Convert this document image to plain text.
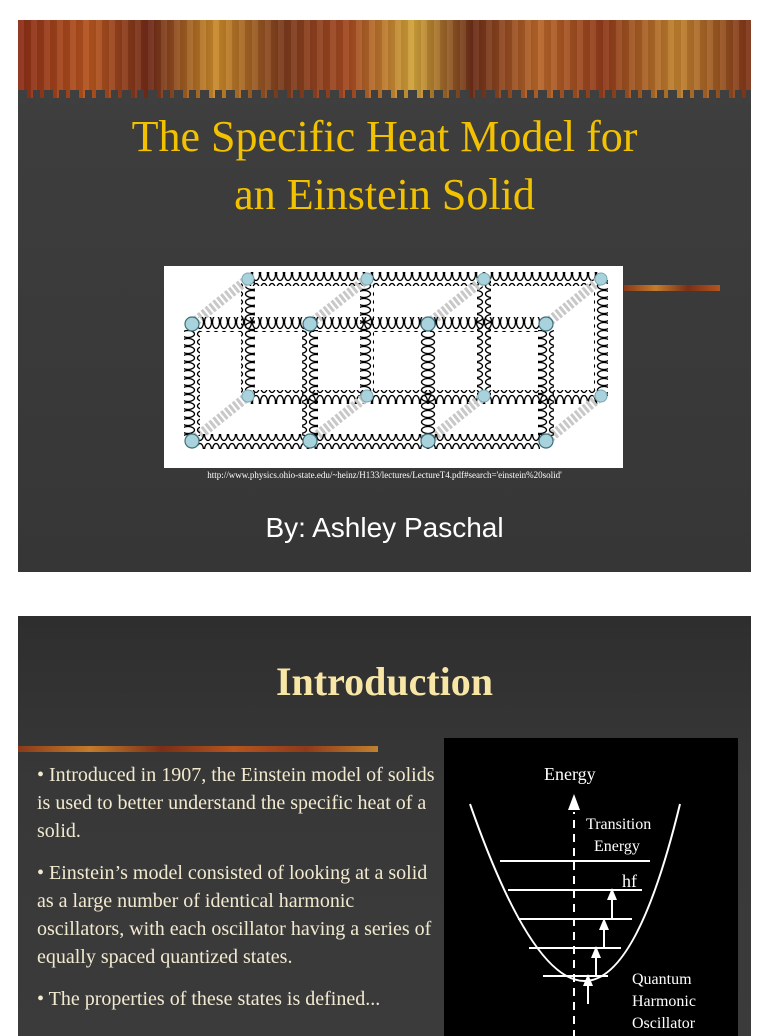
The Specific Heat Model for
an Einstein Solid
http://www.physics.ohio-state.edu/~heinz/H133/lectures/LectureT4.pdf#search='einstein%20solid'
By: Ashley Paschal
Introduction

• Introduced in 1907, the Einstein model of solids is used to better understand the specific heat of a solid.

• Einstein’s model consisted of looking at a solid as a large number of identical harmonic oscillators, with each oscillator having a series of equally spaced quantized states.

• The properties of these states is defined...

Energy
Transition
Energy
hf
Quantum
Harmonic
Oscillator
